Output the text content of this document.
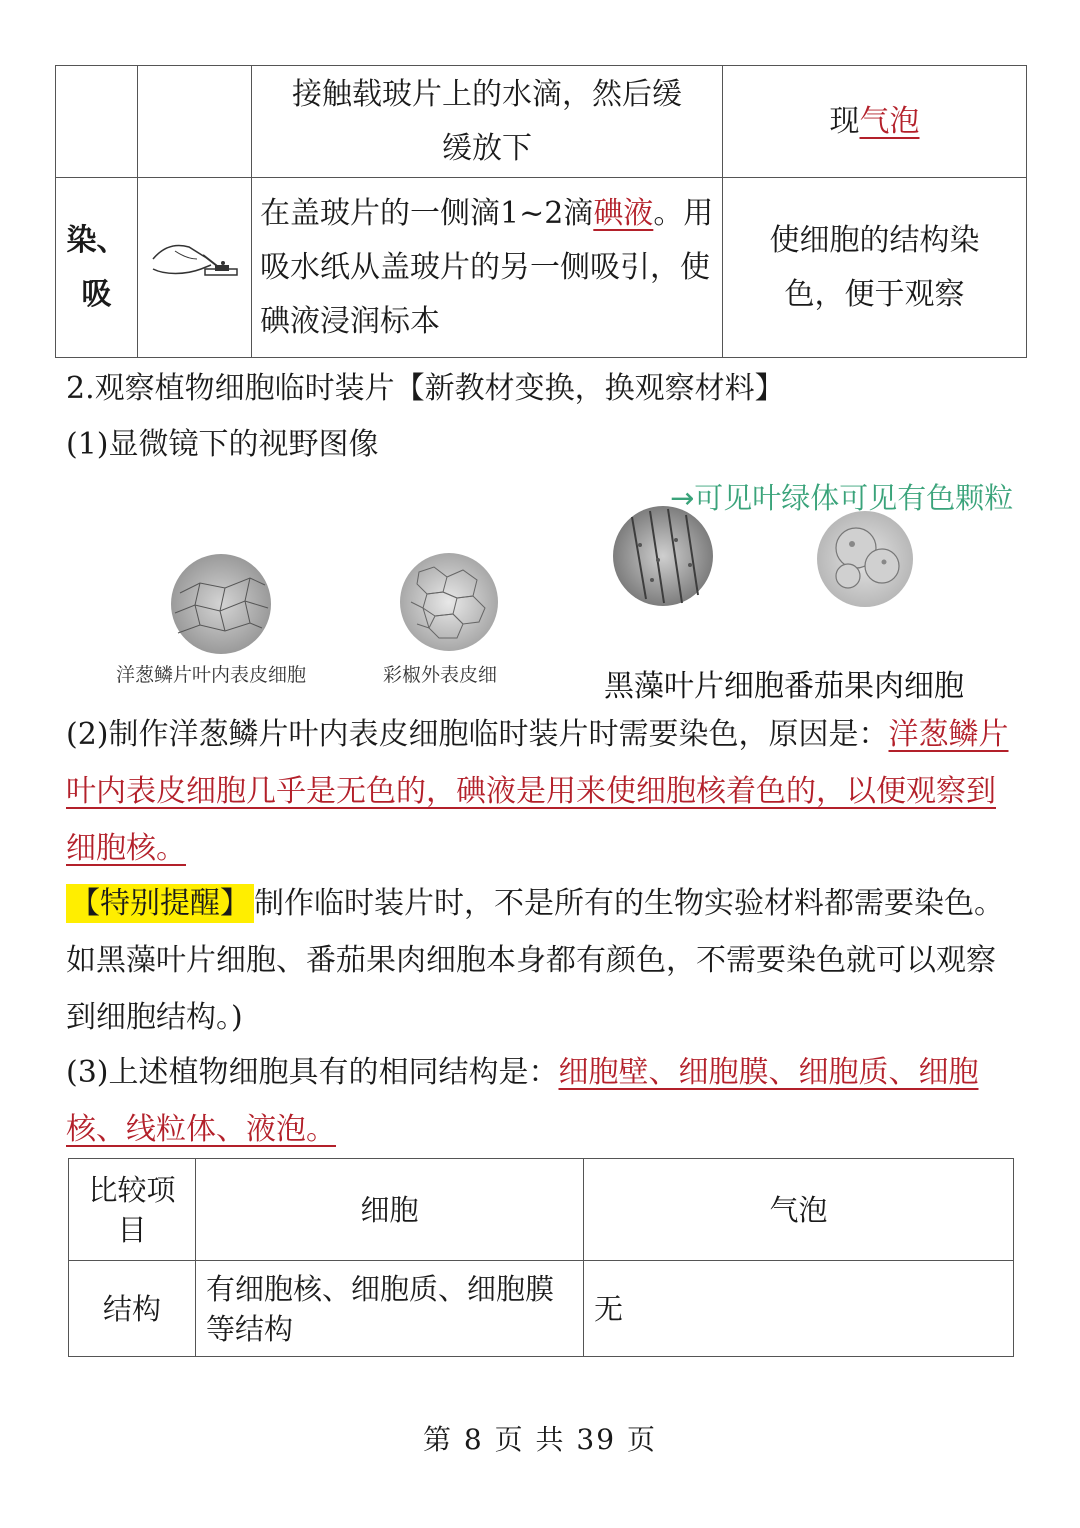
		接触载玻片上的水滴，然后缓缓放下	现气泡
染、吸		在盖玻片的一侧滴1~2滴碘液。用吸水纸从盖玻片的另一侧吸引，使碘液浸润标本	使细胞的结构染色，便于观察
2.观察植物细胞临时装片【新教材变换，换观察材料】
(1)显微镜下的视野图像
→可见叶绿体可见有色颗粒
洋葱鳞片叶内表皮细胞	彩椒外表皮细	黑藻叶片细胞番茄果肉细胞
(2)制作洋葱鳞片叶内表皮细胞临时装片时需要染色，原因是：洋葱鳞片叶内表皮细胞几乎是无色的，碘液是用来使细胞核着色的，以便观察到细胞核。
【特别提醒】 制作临时装片时，不是所有的生物实验材料都需要染色。如黑藻叶片细胞、番茄果肉细胞本身都有颜色，不需要染色就可以观察到细胞结构。)
(3)上述植物细胞具有的相同结构是：细胞壁、细胞膜、细胞质、细胞核、线粒体、液泡。
比较项目	细胞	气泡
结构	有细胞核、细胞质、细胞膜等结构	无
第 8 页 共 39 页
